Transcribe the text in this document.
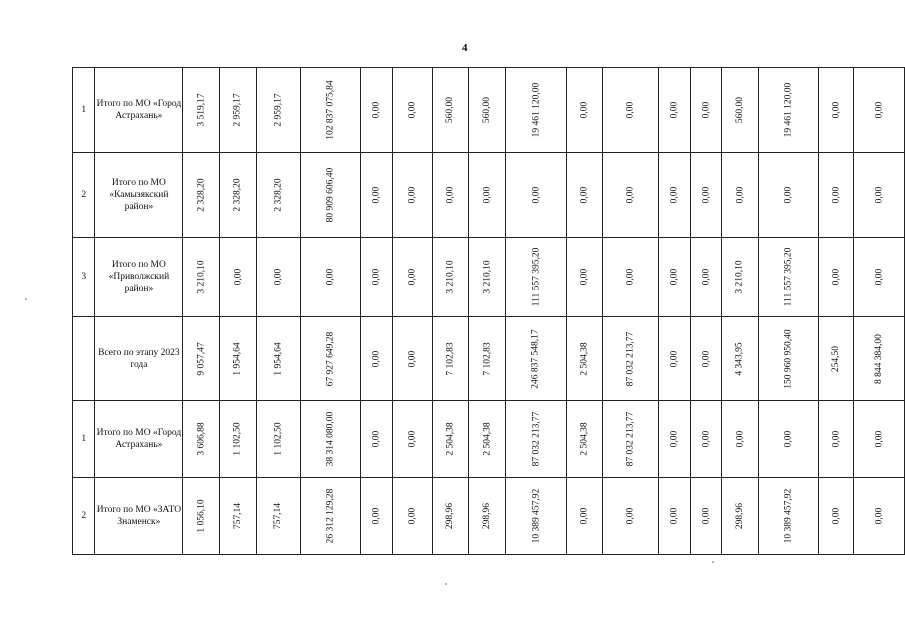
4
1	Итого по МО «Город Астрахань»	3 519,17	2 959,17	2 959,17	102 837 075,84	0,00	0,00	560,00	560,00	19 461 120,00	0,00	0,00	0,00	0,00	560,00	19 461 120,00	0,00	0,00
2	Итого по МО «Камызякский район»	2 328,20	2 328,20	2 328,20	80 909 606,40	0,00	0,00	0,00	0,00	0,00	0,00	0,00	0,00	0,00	0,00	0,00	0,00	0,00
3	Итого по МО «Приволжский район»	3 210,10	0,00	0,00	0,00	0,00	0,00	3 210,10	3 210,10	111 557 395,20	0,00	0,00	0,00	0,00	3 210,10	111 557 395,20	0,00	0,00
	Всего по этапу 2023 года	9 057,47	1 954,64	1 954,64	67 927 649,28	0,00	0,00	7 102,83	7 102,83	246 837 548,17	2 504,38	87 032 213,77	0,00	0,00	4 343,95	150 960 950,40	254,50	8 844 384,00
1	Итого по МО «Город Астрахань»	3 606,88	1 102,50	1 102,50	38 314 080,00	0,00	0,00	2 504,38	2 504,38	87 032 213,77	2 504,38	87 032 213,77	0,00	0,00	0,00	0,00	0,00	0,00
2	Итого по МО «ЗАТО Знаменск»	1 056,10	757,14	757,14	26 312 129,28	0,00	0,00	298,96	298,96	10 389 457,92	0,00	0,00	0,00	0,00	298,96	10 389 457,92	0,00	0,00
